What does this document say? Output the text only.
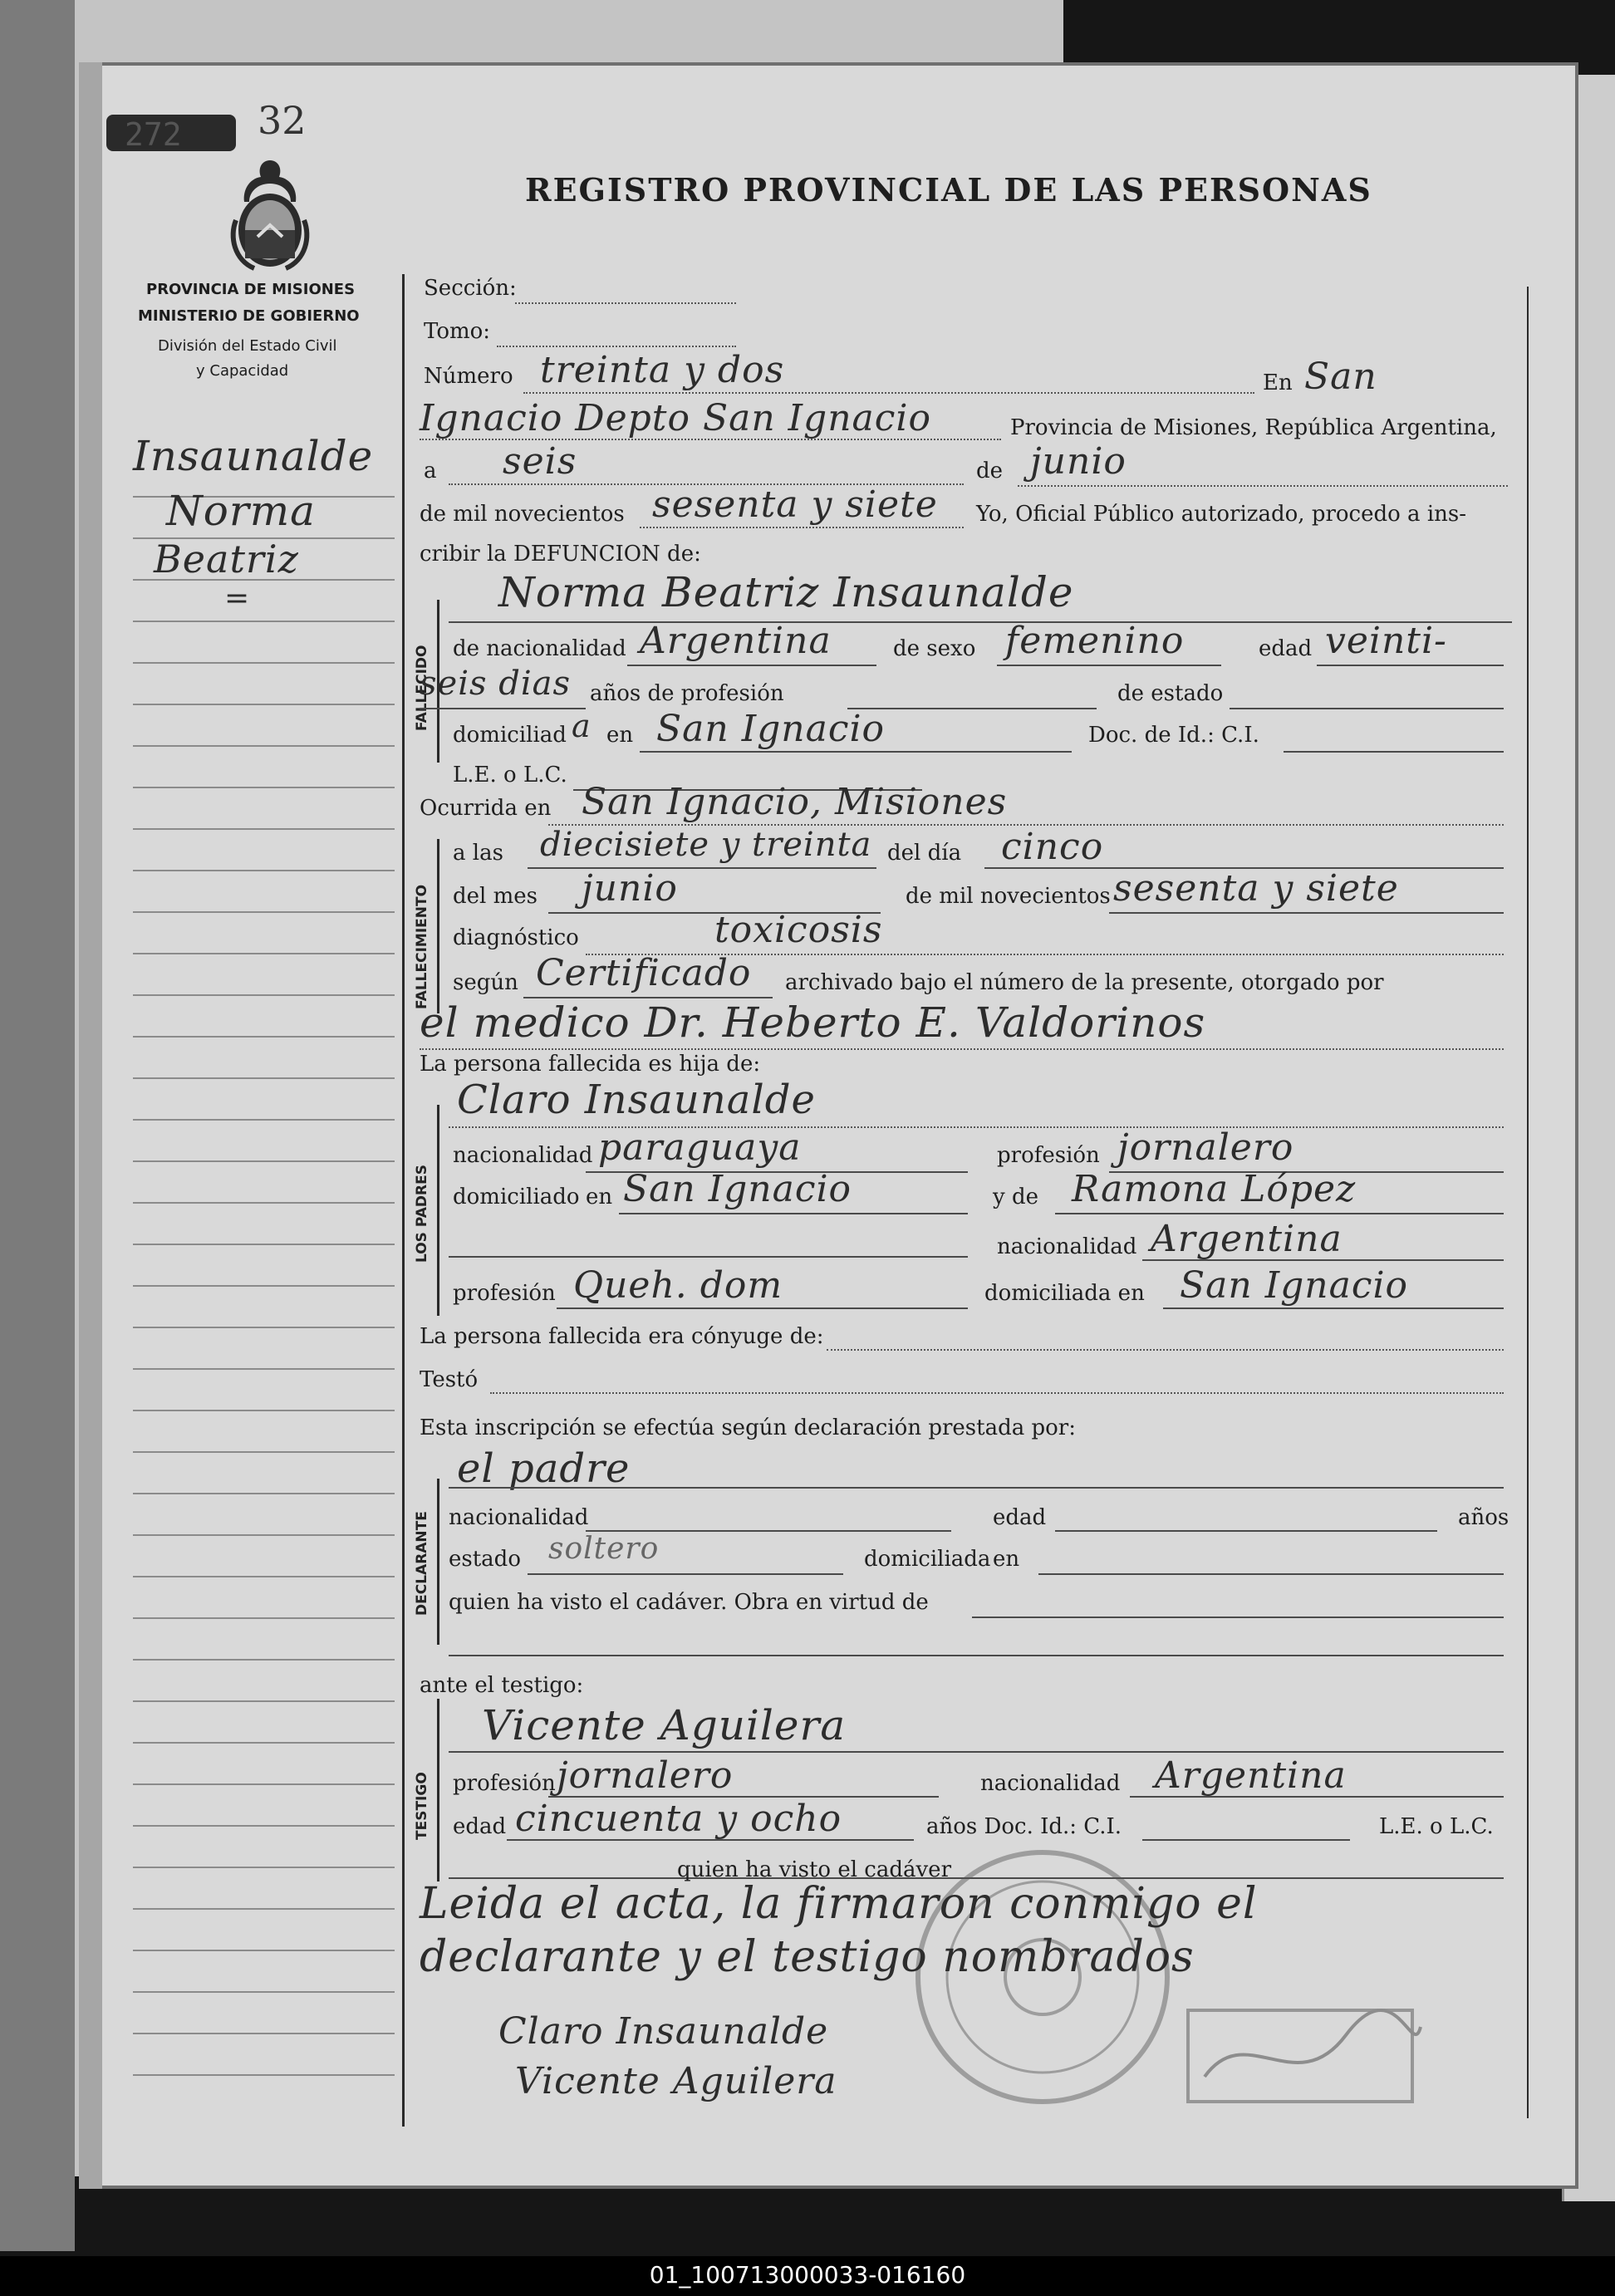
272 32
REGISTRO PROVINCIAL DE LAS PERSONAS
PROVINCIA DE MISIONES
MINISTERIO DE GOBIERNO
División del Estado Civil
y Capacidad
FALLECIDO
FALLECIMIENTO
LOS PADRES
DECLARANTE
TESTIGO
Insaunalde
Norma
Beatriz
=
Sección:
Tomo:
Número treinta y dos	En San
Ignacio Depto San Ignacio	Provincia de Misiones, República Argentina,
a seis	de junio
de mil novecientos sesenta y siete Yo, Oficial Público autorizado, procedo a ins-
cribir la DEFUNCION de:
Norma Beatriz Insaunalde
de nacionalidad Argentina	de sexo femenino	edad veinti-
seis dias años de profesión	de estado
domiciliad a en San Ignacio	Doc. de Id.: C.I.
L.E. o L.C.
Ocurrida en San Ignacio, Misiones
a las diecisiete y treinta del día cinco
del mes junio	de mil novecientos sesenta y siete
diagnóstico	toxicosis
según Certificado archivado bajo el número de la presente, otorgado por
el medico Dr. Heberto E. Valdorinos
La persona fallecida es hija de:
Claro Insaunalde
nacionalidad paraguaya	profesión jornalero
domiciliado en San Ignacio	y de Ramona López
nacionalidad Argentina
profesión Queh. dom	domiciliada en San Ignacio
La persona fallecida era cónyuge de:
Testó
Esta inscripción se efectúa según declaración prestada por:
el padre
nacionalidad	edad	años
estado soltero	domiciliada en
quien ha visto el cadáver. Obra en virtud de
ante el testigo:
Vicente Aguilera
profesión jornalero	nacionalidad Argentina
edad cincuenta y ocho	años Doc. Id.: C.I.	L.E. o L.C.
quien ha visto el cadáver
Leida el acta, la firmaron conmigo el
declarante y el testigo nombrados
Claro Insaunalde
Vicente Aguilera
01_100713000033-016160
